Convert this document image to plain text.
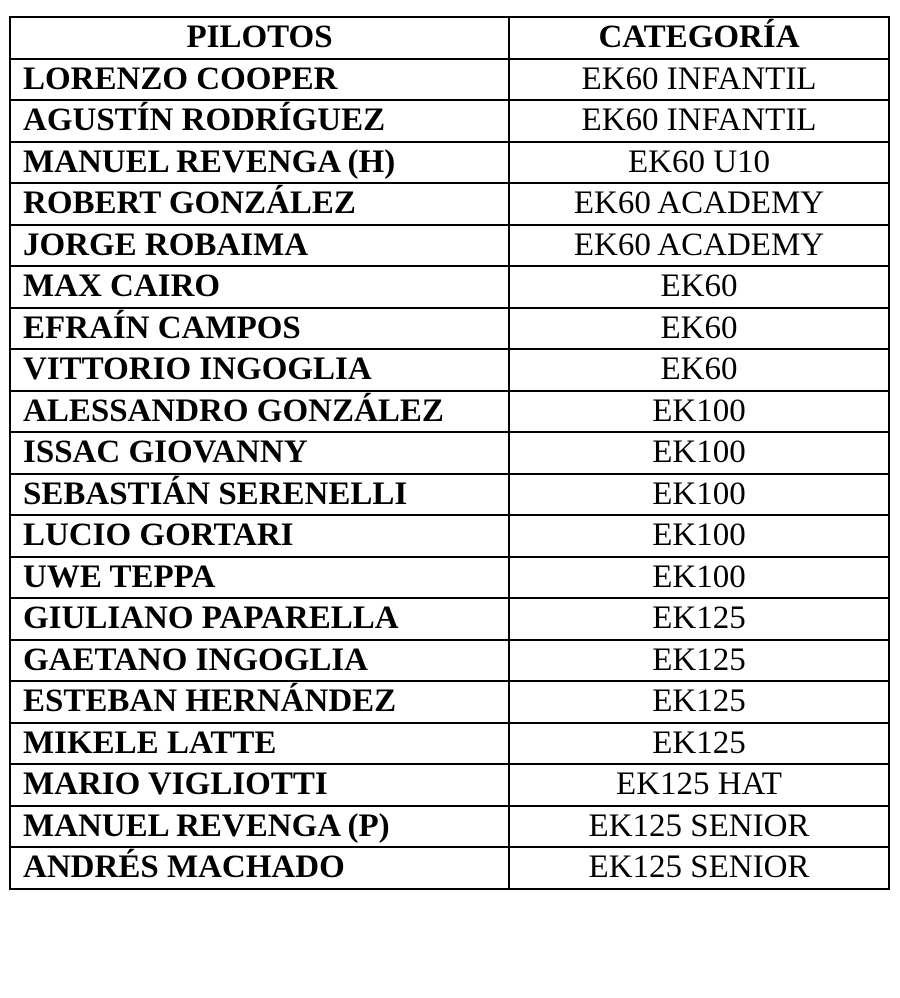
PILOTOS	CATEGORÍA
LORENZO COOPER	EK60 INFANTIL
AGUSTÍN RODRÍGUEZ	EK60 INFANTIL
MANUEL REVENGA (H)	EK60 U10
ROBERT GONZÁLEZ	EK60 ACADEMY
JORGE ROBAIMA	EK60 ACADEMY
MAX CAIRO	EK60
EFRAÍN CAMPOS	EK60
VITTORIO INGOGLIA	EK60
ALESSANDRO GONZÁLEZ	EK100
ISSAC GIOVANNY	EK100
SEBASTIÁN SERENELLI	EK100
LUCIO GORTARI	EK100
UWE TEPPA	EK100
GIULIANO PAPARELLA	EK125
GAETANO INGOGLIA	EK125
ESTEBAN HERNÁNDEZ	EK125
MIKELE LATTE	EK125
MARIO VIGLIOTTI	EK125 HAT
MANUEL REVENGA (P)	EK125 SENIOR
ANDRÉS MACHADO	EK125 SENIOR
